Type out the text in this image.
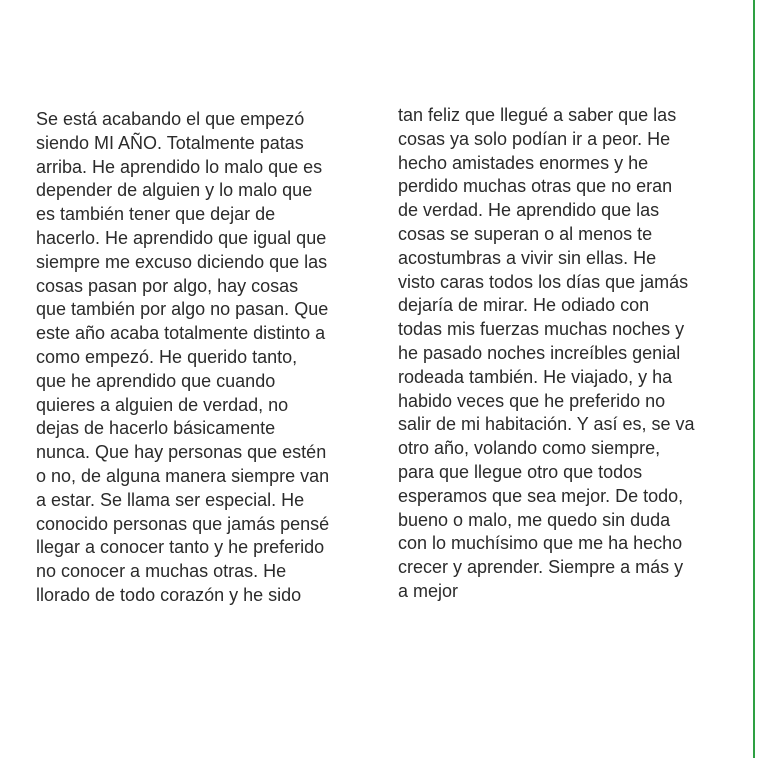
Se está acabando el que empezó
siendo MI AÑO. Totalmente patas
arriba. He aprendido lo malo que es
depender de alguien y lo malo que
es también tener que dejar de
hacerlo. He aprendido que igual que
siempre me excuso diciendo que las
cosas pasan por algo, hay cosas
que también por algo no pasan. Que
este año acaba totalmente distinto a
como empezó. He querido tanto,
que he aprendido que cuando
quieres a alguien de verdad, no
dejas de hacerlo básicamente
nunca. Que hay personas que estén
o no, de alguna manera siempre van
a estar. Se llama ser especial. He
conocido personas que jamás pensé
llegar a conocer tanto y he preferido
no conocer a muchas otras. He
llorado de todo corazón y he sido
tan feliz que llegué a saber que las
cosas ya solo podían ir a peor. He
hecho amistades enormes y he
perdido muchas otras que no eran
de verdad. He aprendido que las
cosas se superan o al menos te
acostumbras a vivir sin ellas. He
visto caras todos los días que jamás
dejaría de mirar. He odiado con
todas mis fuerzas muchas noches y
he pasado noches increíbles genial
rodeada también. He viajado, y ha
habido veces que he preferido no
salir de mi habitación. Y así es, se va
otro año, volando como siempre,
para que llegue otro que todos
esperamos que sea mejor. De todo,
bueno o malo, me quedo sin duda
con lo muchísimo que me ha hecho
crecer y aprender. Siempre a más y
a mejor
